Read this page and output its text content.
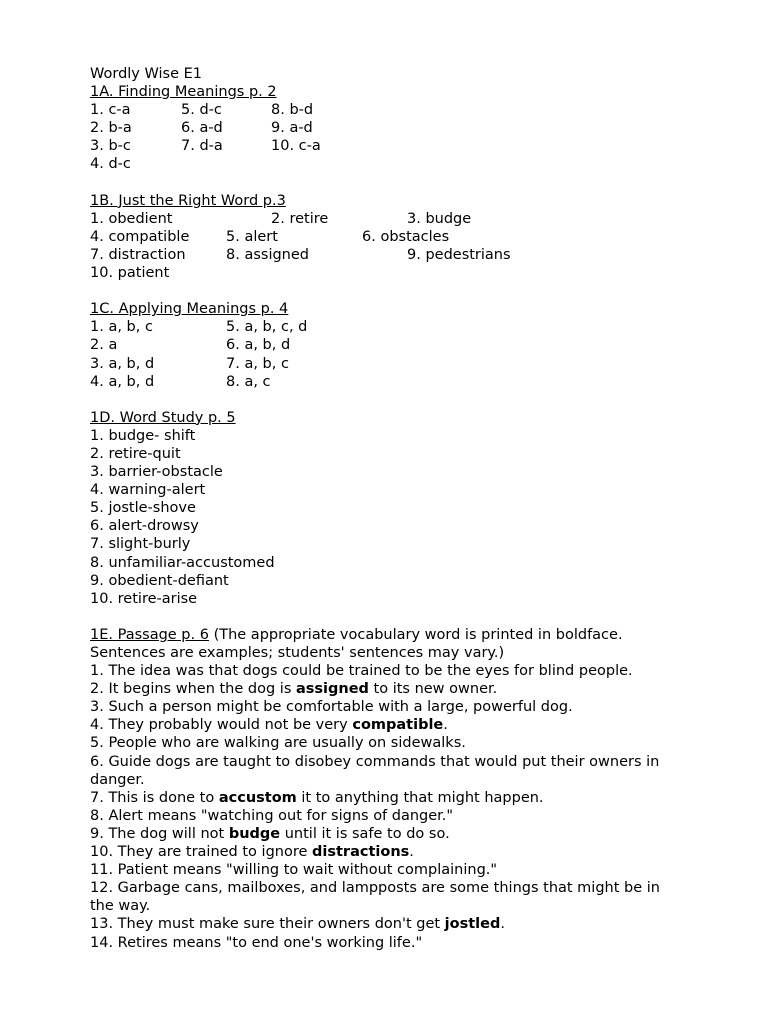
Wordly Wise E1
1A. Finding Meanings p. 2
1. c-a	5. d-c	8. b-d
2. b-a	6. a-d	9. a-d
3. b-c	7. d-a	10. c-a
4. d-c
1B. Just the Right Word p.3
1. obedient	2. retire	3. budge
4. compatible	5. alert	6. obstacles
7. distraction	8. assigned	9. pedestrians
10. patient
1C. Applying Meanings p. 4
1. a, b, c	5. a, b, c, d
2. a	6. a, b, d
3. a, b, d	7. a, b, c
4. a, b, d	8. a, c
1D. Word Study p. 5
1. budge- shift
2. retire-quit
3. barrier-obstacle
4. warning-alert
5. jostle-shove
6. alert-drowsy
7. slight-burly
8. unfamiliar-accustomed
9. obedient-defiant
10. retire-arise
1E. Passage p. 6 (The appropriate vocabulary word is printed in boldface. Sentences are examples; students' sentences may vary.)
1. The idea was that dogs could be trained to be the eyes for blind people.
2. It begins when the dog is assigned to its new owner.
3. Such a person might be comfortable with a large, powerful dog.
4. They probably would not be very compatible.
5. People who are walking are usually on sidewalks.
6. Guide dogs are taught to disobey commands that would put their owners in danger.
7. This is done to accustom it to anything that might happen.
8. Alert means "watching out for signs of danger."
9. The dog will not budge until it is safe to do so.
10. They are trained to ignore distractions.
11. Patient means "willing to wait without complaining."
12. Garbage cans, mailboxes, and lampposts are some things that might be in the way.
13. They must make sure their owners don't get jostled.
14. Retires means "to end one's working life."
